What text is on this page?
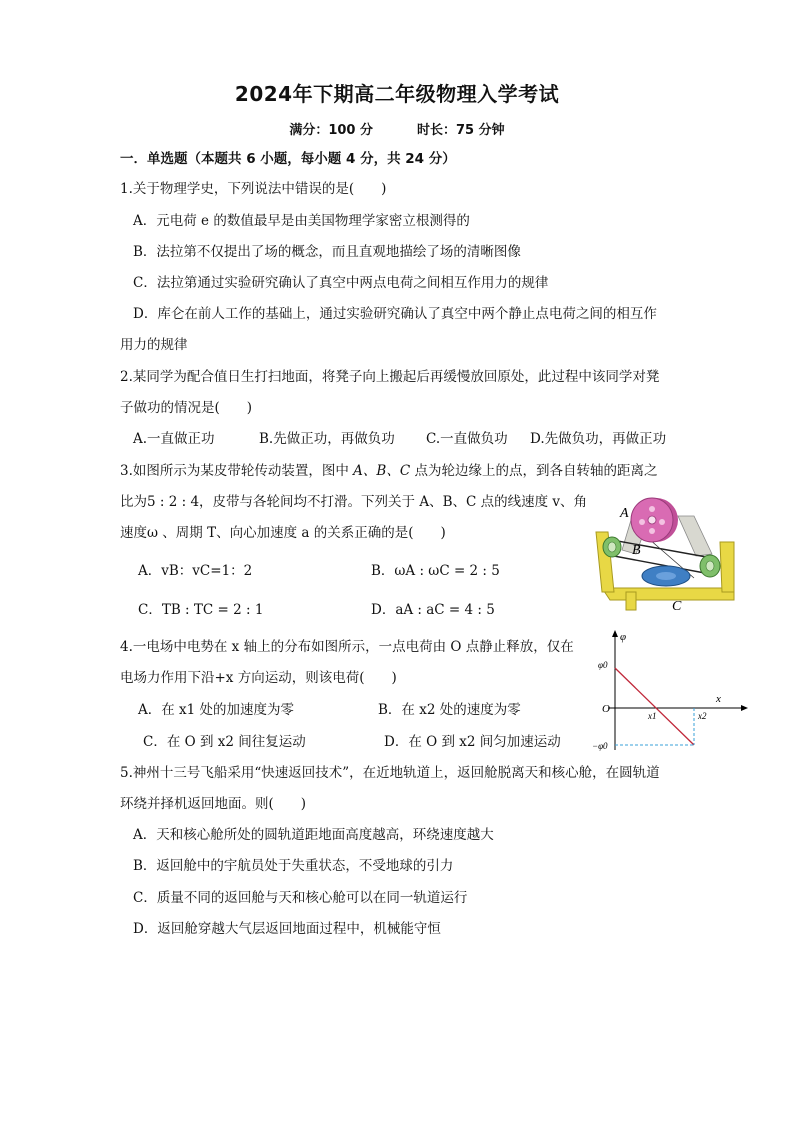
2024年下期高二年级物理入学考试
满分：100 分	时长：75 分钟
一．单选题（本题共 6 小题，每小题 4 分，共 24 分）
1.关于物理学史，下列说法中错误的是(　　)
A．元电荷 e 的数值最早是由美国物理学家密立根测得的
B．法拉第不仅提出了场的概念，而且直观地描绘了场的清晰图像
C．法拉第通过实验研究确认了真空中两点电荷之间相互作用力的规律
D．库仑在前人工作的基础上，通过实验研究确认了真空中两个静止点电荷之间的相互作
用力的规律
2.某同学为配合值日生打扫地面，将凳子向上搬起后再缓慢放回原处，此过程中该同学对凳
子做功的情况是(　　)
A.一直做正功	B.先做正功，再做负功 C.一直做负功 D.先做负功，再做正功
3.如图所示为某皮带轮传动装置，图中 A、B、C 点为轮边缘上的点，到各自转轴的距离之
比为5 : 2 : 4，皮带与各轮间均不打滑。下列关于 A、B、C 点的线速度 v、角
速度ω 、周期 T、向心加速度 a 的关系正确的是(　　)
A．vB：vC=1：2	B．ωA : ωC = 2 : 5
C．TB : TC = 2 : 1	D．aA : aC = 4 : 5
A
B
C
4.一电场中电势在 x 轴上的分布如图所示，一点电荷由 O 点静止释放，仅在
电场力作用下沿+x 方向运动，则该电荷(　　)
A．在 x1 处的加速度为零	B．在 x2 处的速度为零
C．在 O 到 x2 间往复运动	D．在 O 到 x2 间匀加速运动
φ
x
O
φ0
−φ0
x1	x2
5.神州十三号飞船采用“快速返回技术”，在近地轨道上，返回舱脱离天和核心舱，在圆轨道
环绕并择机返回地面。则(　　)
A．天和核心舱所处的圆轨道距地面高度越高，环绕速度越大
B．返回舱中的宇航员处于失重状态，不受地球的引力
C．质量不同的返回舱与天和核心舱可以在同一轨道运行
D．返回舱穿越大气层返回地面过程中，机械能守恒
